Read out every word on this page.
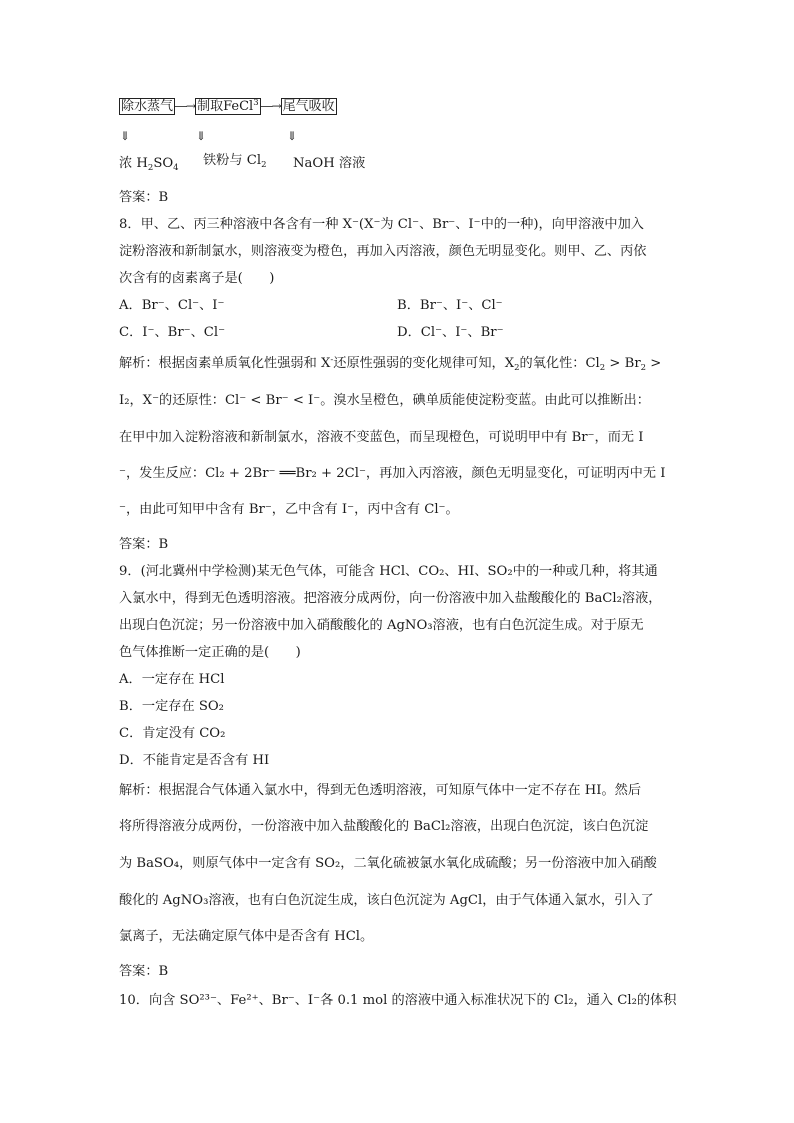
除水蒸气 ―→ 制取FeCl$^3$ ―→ 尾气吸收
⇓	⇓	⇓
浓 $H_2SO_4$ 铁粉与 $Cl_2$ NaOH 溶液
答案：B
8．甲、乙、丙三种溶液中各含有一种 X⁻(X⁻为 Cl⁻、Br⁻、I⁻中的一种)，向甲溶液中加入
淀粉溶液和新制氯水，则溶液变为橙色，再加入丙溶液，颜色无明显变化。则甲、乙、丙依
次含有的卤素离子是(　　)
A．Br⁻、Cl⁻、I⁻	B．Br⁻、I⁻、Cl⁻
C．I⁻、Br⁻、Cl⁻	D．Cl⁻、I⁻、Br⁻
解析：根据卤素单质氧化性强弱和 X-还原性强弱的变化规律可知，$X_2$的氧化性：$Cl_2 > Br_2$ >
I₂，X⁻的还原性：Cl⁻ < Br⁻ < I⁻。溴水呈橙色，碘单质能使淀粉变蓝。由此可以推断出：
在甲中加入淀粉溶液和新制氯水，溶液不变蓝色，而呈现橙色，可说明甲中有 Br⁻，而无 I
⁻，发生反应：Cl₂ + 2Br⁻ ══Br₂ + 2Cl⁻，再加入丙溶液，颜色无明显变化，可证明丙中无 I
⁻，由此可知甲中含有 Br⁻，乙中含有 I⁻，丙中含有 Cl⁻。
答案：B
9．(河北冀州中学检测)某无色气体，可能含 HCl、CO₂、HI、SO₂中的一种或几种，将其通
入氯水中，得到无色透明溶液。把溶液分成两份，向一份溶液中加入盐酸酸化的 BaCl₂溶液，
出现白色沉淀；另一份溶液中加入硝酸酸化的 AgNO₃溶液，也有白色沉淀生成。对于原无
色气体推断一定正确的是(　　)
A．一定存在 HCl
B．一定存在 SO₂
C．肯定没有 CO₂
D．不能肯定是否含有 HI
解析：根据混合气体通入氯水中，得到无色透明溶液，可知原气体中一定不存在 HI。然后
将所得溶液分成两份，一份溶液中加入盐酸酸化的 BaCl₂溶液，出现白色沉淀，该白色沉淀
为 BaSO₄，则原气体中一定含有 SO₂，二氧化硫被氯水氧化成硫酸；另一份溶液中加入硝酸
酸化的 AgNO₃溶液，也有白色沉淀生成，该白色沉淀为 AgCl，由于气体通入氯水，引入了
氯离子，无法确定原气体中是否含有 HCl。
答案：B
10．向含 SO²³⁻、Fe²⁺、Br⁻、I⁻各 0.1 mol 的溶液中通入标准状况下的 Cl₂，通入 Cl₂的体积
